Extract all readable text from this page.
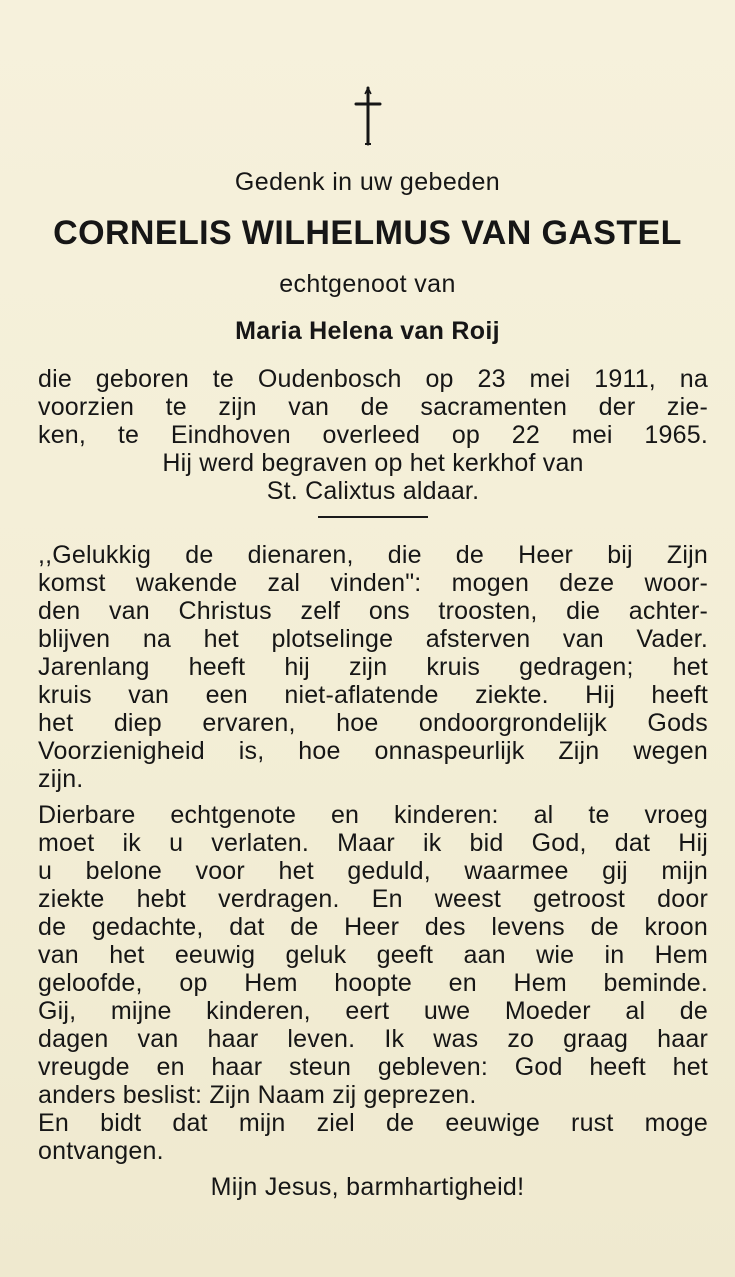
Gedenk in uw gebeden
CORNELIS WILHELMUS VAN GASTEL
echtgenoot van
Maria Helena van Roij
die geboren te Oudenbosch op 23 mei 1911, na
voorzien te zijn van de sacramenten der zie-
ken, te Eindhoven overleed op 22 mei 1965.
Hij werd begraven op het kerkhof van
St. Calixtus aldaar.
,,Gelukkig de dienaren, die de Heer bij Zijn
komst wakende zal vinden": mogen deze woor-
den van Christus zelf ons troosten, die achter-
blijven na het plotselinge afsterven van Vader.
Jarenlang heeft hij zijn kruis gedragen; het
kruis van een niet-aflatende ziekte. Hij heeft
het diep ervaren, hoe ondoorgrondelijk Gods
Voorzienigheid is, hoe onnaspeurlijk Zijn wegen
zijn.
Dierbare echtgenote en kinderen: al te vroeg
moet ik u verlaten. Maar ik bid God, dat Hij
u belone voor het geduld, waarmee gij mijn
ziekte hebt verdragen. En weest getroost door
de gedachte, dat de Heer des levens de kroon
van het eeuwig geluk geeft aan wie in Hem
geloofde, op Hem hoopte en Hem beminde.
Gij, mijne kinderen, eert uwe Moeder al de
dagen van haar leven. Ik was zo graag haar
vreugde en haar steun gebleven: God heeft het
anders beslist: Zijn Naam zij geprezen.
En bidt dat mijn ziel de eeuwige rust moge
ontvangen.
Mijn Jesus, barmhartigheid!
